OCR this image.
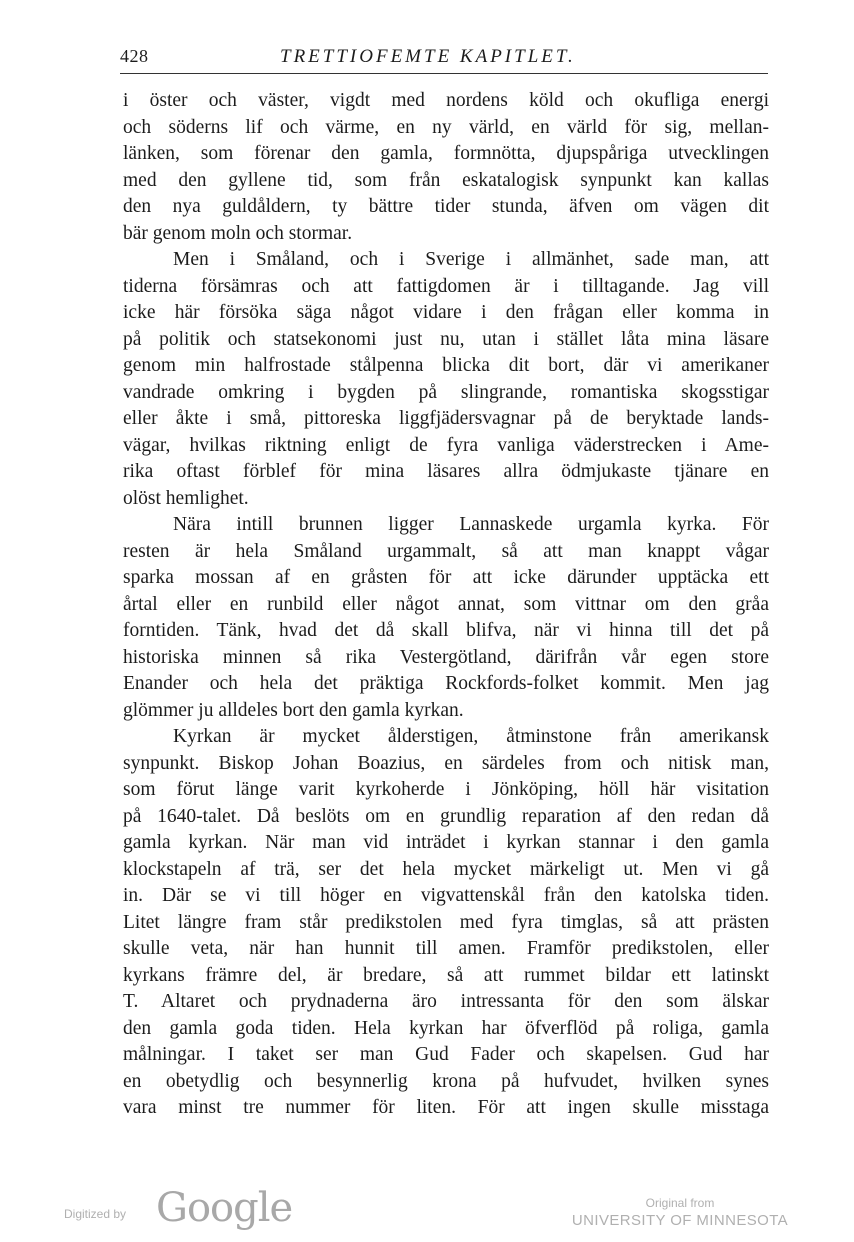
428	TRETTIOFEMTE KAPITLET.
i öster och väster, vigdt med nordens köld och okufliga energi
och söderns lif och värme, en ny värld, en värld för sig, mellan-
länken, som förenar den gamla, formnötta, djupspåriga utvecklingen
med den gyllene tid, som från eskatalogisk synpunkt kan kallas
den nya guldåldern, ty bättre tider stunda, äfven om vägen dit
bär genom moln och stormar.
Men i Småland, och i Sverige i allmänhet, sade man, att
tiderna försämras och att fattigdomen är i tilltagande. Jag vill
icke här försöka säga något vidare i den frågan eller komma in
på politik och statsekonomi just nu, utan i stället låta mina läsare
genom min halfrostade stålpenna blicka dit bort, där vi amerikaner
vandrade omkring i bygden på slingrande, romantiska skogsstigar
eller åkte i små, pittoreska liggfjädersvagnar på de beryktade lands-
vägar, hvilkas riktning enligt de fyra vanliga väderstrecken i Ame-
rika oftast förblef för mina läsares allra ödmjukaste tjänare en
olöst hemlighet.
Nära intill brunnen ligger Lannaskede urgamla kyrka. För
resten är hela Småland urgammalt, så att man knappt vågar
sparka mossan af en gråsten för att icke därunder upptäcka ett
årtal eller en runbild eller något annat, som vittnar om den gråa
forntiden. Tänk, hvad det då skall blifva, när vi hinna till det på
historiska minnen så rika Vestergötland, därifrån vår egen store
Enander och hela det präktiga Rockfords-folket kommit. Men jag
glömmer ju alldeles bort den gamla kyrkan.
Kyrkan är mycket ålderstigen, åtminstone från amerikansk
synpunkt. Biskop Johan Boazius, en särdeles from och nitisk man,
som förut länge varit kyrkoherde i Jönköping, höll här visitation
på 1640-talet. Då beslöts om en grundlig reparation af den redan då
gamla kyrkan. När man vid inträdet i kyrkan stannar i den gamla
klockstapeln af trä, ser det hela mycket märkeligt ut. Men vi gå
in. Där se vi till höger en vigvattenskål från den katolska tiden.
Litet längre fram står predikstolen med fyra timglas, så att prästen
skulle veta, när han hunnit till amen. Framför predikstolen, eller
kyrkans främre del, är bredare, så att rummet bildar ett latinskt
T. Altaret och prydnaderna äro intressanta för den som älskar
den gamla goda tiden. Hela kyrkan har öfverflöd på roliga, gamla
målningar. I taket ser man Gud Fader och skapelsen. Gud har
en obetydlig och besynnerlig krona på hufvudet, hvilken synes
vara minst tre nummer för liten. För att ingen skulle misstaga
Digitized by Google	Original from
UNIVERSITY OF MINNESOTA
